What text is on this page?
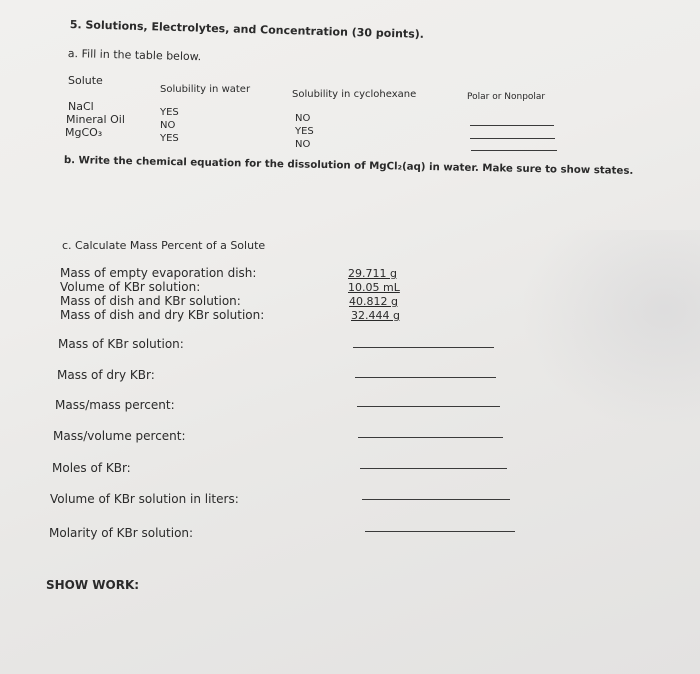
5. Solutions, Electrolytes, and Concentration (30 points).
a. Fill in the table below.
Solute
Solubility in water	Solubility in cyclohexane	Polar or Nonpolar
NaCl
Mineral Oil
MgCO₃
YES
NO
YES
NO
YES
NO
b. Write the chemical equation for the dissolution of MgCl₂(aq) in water. Make sure to show states.
c. Calculate Mass Percent of a Solute
Mass of empty evaporation dish:
Volume of KBr solution:
Mass of dish and KBr solution:
Mass of dish and dry KBr solution:
29.711 g
10.05 mL
40.812 g
32.444 g
Mass of KBr solution:
Mass of dry KBr:
Mass/mass percent:
Mass/volume percent:
Moles of KBr:
Volume of KBr solution in liters:
Molarity of KBr solution:
SHOW WORK:
